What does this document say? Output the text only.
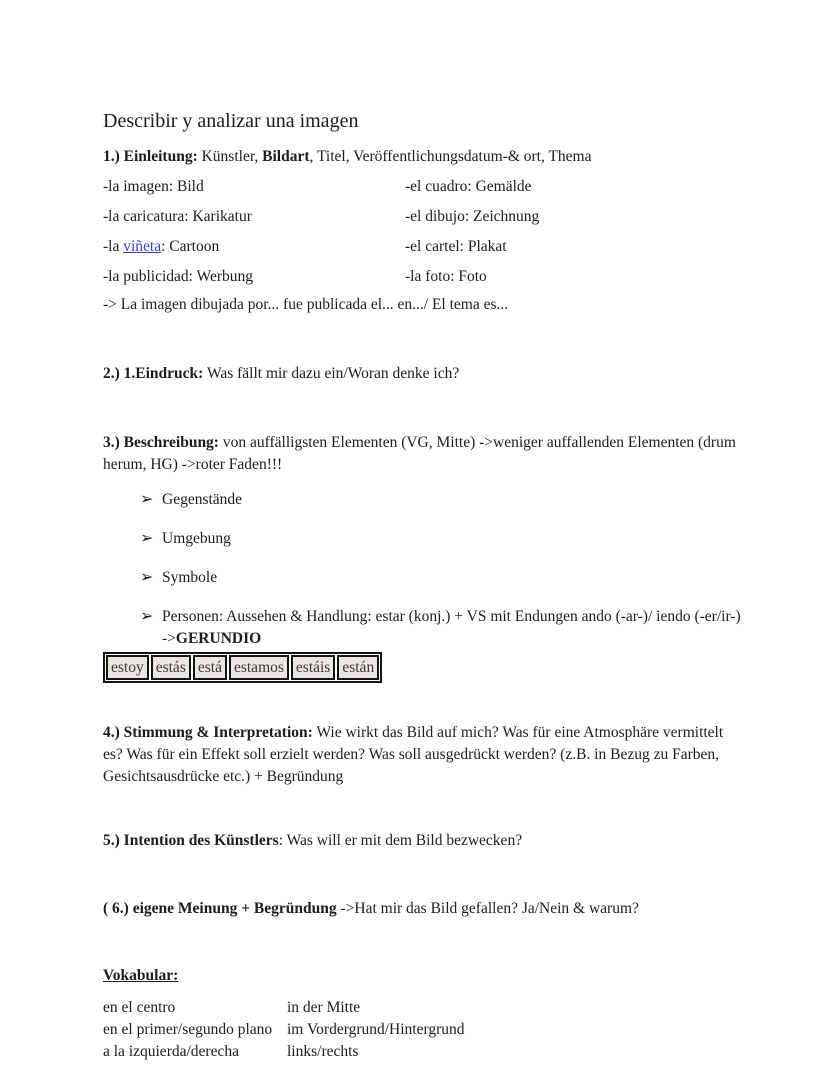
Describir y analizar una imagen

1.) Einleitung: Künstler, Bildart, Titel, Veröffentlichungsdatum-& ort, Thema

-la imagen: Bild	-el cuadro: Gemälde
-la caricatura: Karikatur	-el dibujo: Zeichnung
-la viñeta: Cartoon	-el cartel: Plakat
-la publicidad: Werbung	-la foto: Foto

-> La imagen dibujada por... fue publicada el... en.../ El tema es...

2.) 1.Eindruck: Was fällt mir dazu ein/Woran denke ich?

3.) Beschreibung: von auffälligsten Elementen (VG, Mitte) ->weniger auffallenden Elementen (drum herum, HG) ->roter Faden!!!

➢ Gegenstände
➢ Umgebung
➢ Symbole
➢ Personen: Aussehen & Handlung: estar (konj.) + VS mit Endungen ando (-ar-)/ iendo (-er/ir-) ->GERUNDIO
estoy estás está estamos estáis están

4.) Stimmung & Interpretation: Wie wirkt das Bild auf mich? Was für eine Atmosphäre vermittelt es? Was für ein Effekt soll erzielt werden? Was soll ausgedrückt werden? (z.B. in Bezug zu Farben, Gesichtsausdrücke etc.) + Begründung

5.) Intention des Künstlers: Was will er mit dem Bild bezwecken?

( 6.) eigene Meinung + Begründung ->Hat mir das Bild gefallen? Ja/Nein & warum?

Vokabular:

en el centro	in der Mitte
en el primer/segundo plano im Vordergrund/Hintergrund
a la izquierda/derecha	links/rechts
